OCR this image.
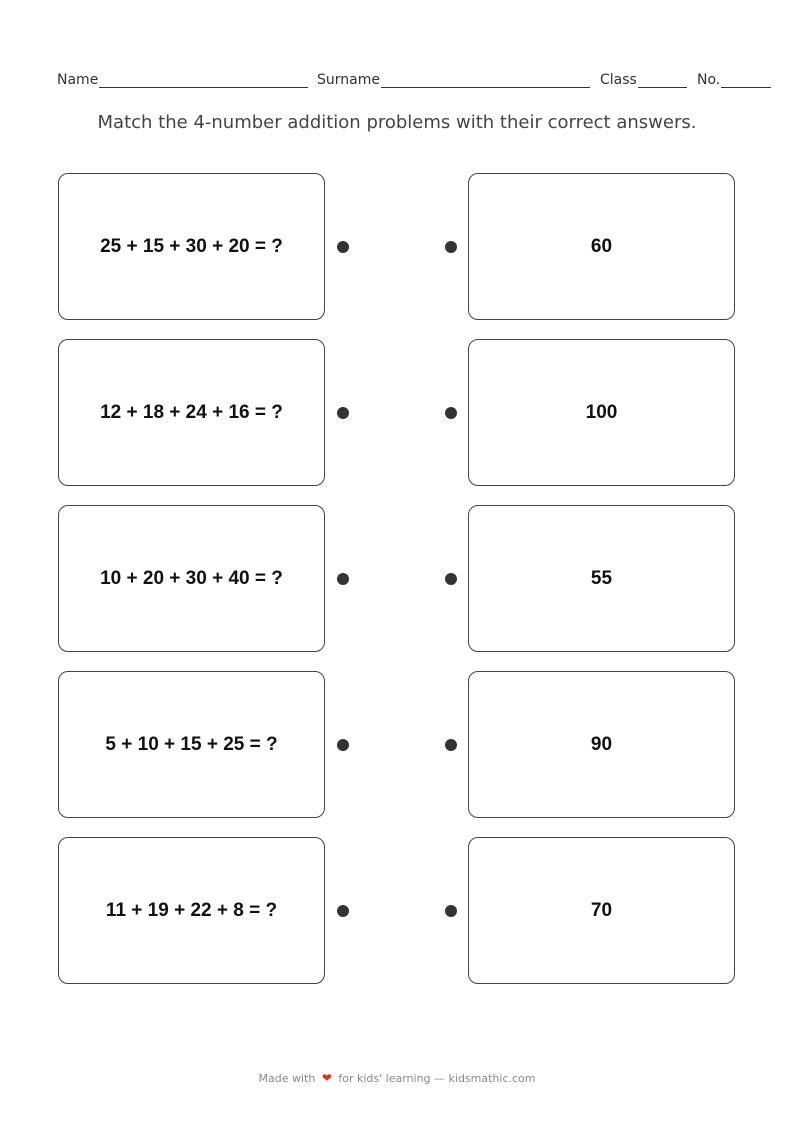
Name	Surname	Class	No.
Match the 4-number addition problems with their correct answers.
25 + 15 + 30 + 20 = ?	60
12 + 18 + 24 + 16 = ?	100
10 + 20 + 30 + 40 = ?	55
5 + 10 + 15 + 25 = ?	90
11 + 19 + 22 + 8 = ?	70
Made with ❤ for kids' learning — kidsmathic.com
